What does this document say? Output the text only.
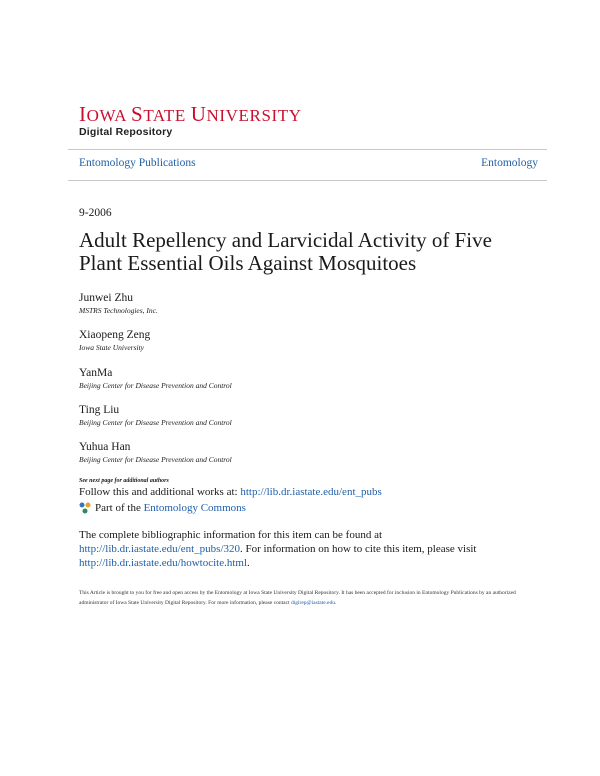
IOWA STATE UNIVERSITY
Digital Repository
Entomology Publications	Entomology
9-2006
Adult Repellency and Larvicidal Activity of Five Plant Essential Oils Against Mosquitoes
Junwei Zhu
MSTRS Technologies, Inc.
Xiaopeng Zeng
Iowa State University
YanMa
Beijing Center for Disease Prevention and Control
Ting Liu
Beijing Center for Disease Prevention and Control
Yuhua Han
Beijing Center for Disease Prevention and Control
See next page for additional authors
Follow this and additional works at: http://lib.dr.iastate.edu/ent_pubs
Part of the
Entomology Commons
The complete bibliographic information for this item can be found at http://lib.dr.iastate.edu/ent_pubs/320. For information on how to cite this item, please visit http://lib.dr.iastate.edu/howtocite.html.
This Article is brought to you for free and open access by the Entomology at Iowa State University Digital Repository. It has been accepted for inclusion in Entomology Publications by an authorized administrator of Iowa State University Digital Repository. For more information, please contact digirep@iastate.edu.
